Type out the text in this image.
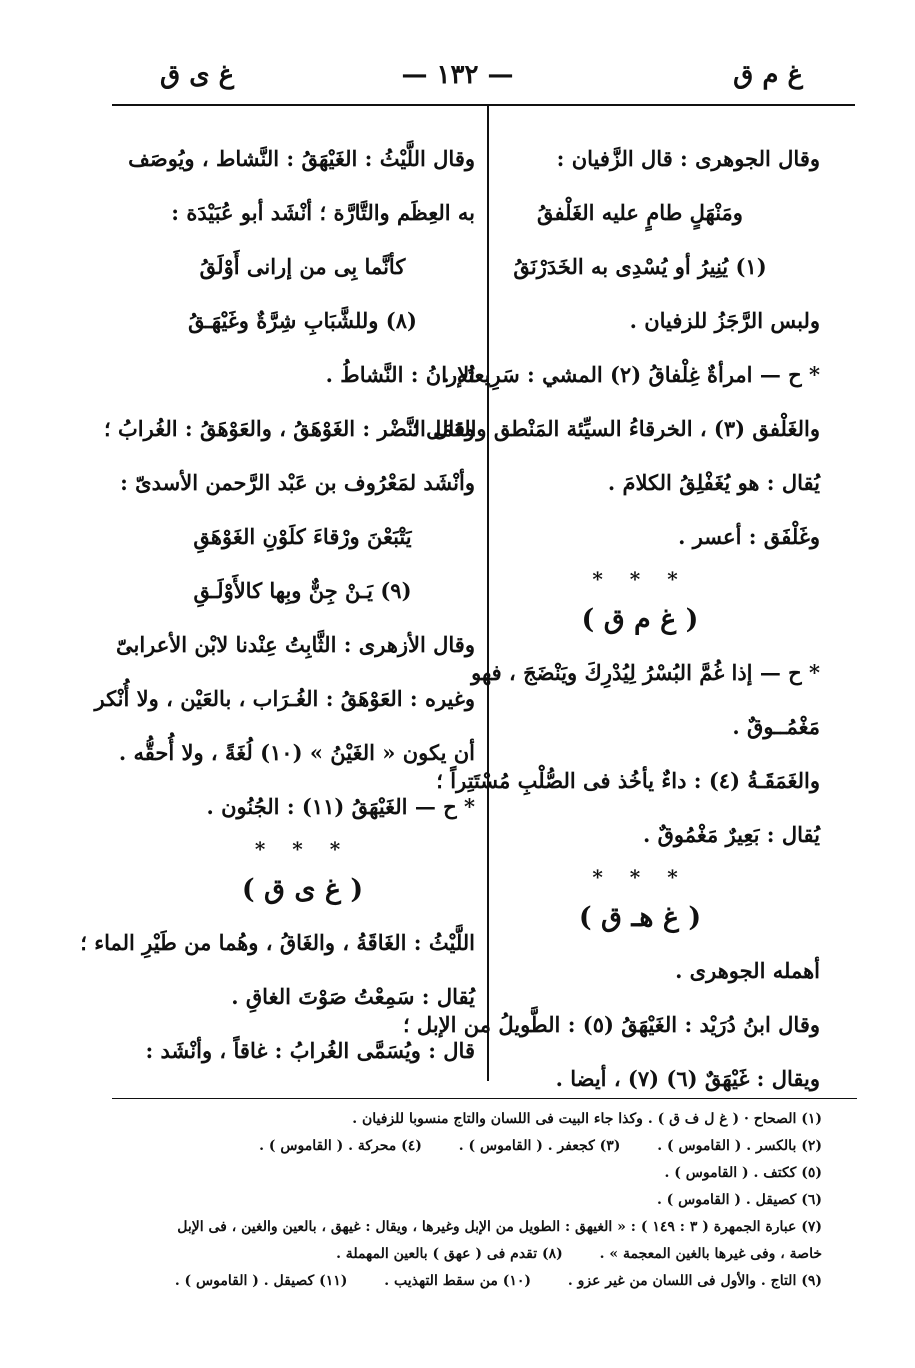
غ م ق
— ١٣٢ —
غ ى ق
وقال الجوهرى : قال الزَّفيان :
ومَنْهَلٍ طامٍ عليه الغَلْفقُ
(١) يُنِيرُ أو يُسْدِى به الخَدَرْنَقُ
ولبس الرَّجَزُ للزفيان .
* ح — امرأةٌ غِلْفاقُ (٢) المشي : سَرِيعتُه .
والغَلْفق (٣) ، الخرقاءُ السيِّئة المَنْطق والعَمَل ؛
يُقال : هو يُغَفْلِقُ الكلامَ .
وغَلْفَق : أعسر .
* * *
( غ م ق )
* ح — إذا غُمَّ البُسْرُ لِيُدْرِكَ ويَنْضَجَ ، فهو
مَغْمُــوقٌ .
والغَمَقَـةُ (٤) : داءٌ يأخُذ فى الصُّلْبِ مُسْتَتِراً ؛
يُقال : بَعِيرٌ مَغْمُوقٌ .
* * *
( غ هـ ق )
أهمله الجوهرى .
وقال ابنُ دُرَيْد : الغَيْهَقُ (٥) : الطَّويلُ من الإبل ؛
ويقال : غَيْهَقٌ (٦) (٧) ، أيضا .
وقال اللَّيْثُ : الغَيْهَقُ : النَّشاط ، ويُوصَف
به العِظَم والتَّارَّة ؛ أنْشَد أبو عُبَيْدَة :
كأنَّما بِى من إرانى أَوْلَقُ
(٨) وللشَّبَابِ شِرَّةٌ وغَيْهَـقُ
الإرانُ : النَّشاطُ .
وقال النَّضْر : الغَوْهَقُ ، والعَوْهَقُ : الغُرابُ ؛
وأنْشَد لمَعْرُوف بن عَبْد الرَّحمن الأسدىّ :
يَتْبَعْنَ ورْقاءَ كلَوْنِ الغَوْهَقِ
(٩) يَـنْ جِنٌّ وبِها كالأَوْلَـقِ
وقال الأزهرى : الثَّابِتُ عِنْدنا لابْن الأعرابىّ
وغيره : العَوْهَقُ : الغُـرَاب ، بالعَيْن ، ولا أُنْكر
أن يكون « الغَيْنُ » (١٠) لُغَةً ، ولا أُحقُّه .
* ح — الغَيْهَقُ (١١) : الجُنُون .
* * *
( غ ى ق )
اللَّيْثُ : الغَاقَةُ ، والغَاقُ ، وهُما من طَيْرِ الماء ؛
يُقال : سَمِعْتُ صَوْتَ الغاقِ .
قال : ويُسَمَّى الغُرابُ : غاقاً ، وأنْشَد :
(١) الصحاح · ( غ ل ف ق ) . وكذا جاء البيت فى اللسان والتاج منسوبا للزفيان .
(٢) بالكسر . ( القاموس ) . (٣) كجعفر . ( القاموس ) . (٤) محركة . ( القاموس ) .
(٥) ككتف . ( القاموس ) .
(٦) كصيقل . ( القاموس ) .
(٧) عبارة الجمهرة ( ٣ : ١٤٩ ) : « الغيهق : الطويل من الإبل وغيرها ، ويقال : غيهق ، بالعين والغين ، فى الإبل
خاصة ، وفى غيرها بالغين المعجمة » . (٨) تقدم فى ( عهق ) بالعين المهملة .
(٩) التاج . والأول فى اللسان من غير عزو . (١٠) من سقط التهذيب . (١١) كصيقل . ( القاموس ) .
